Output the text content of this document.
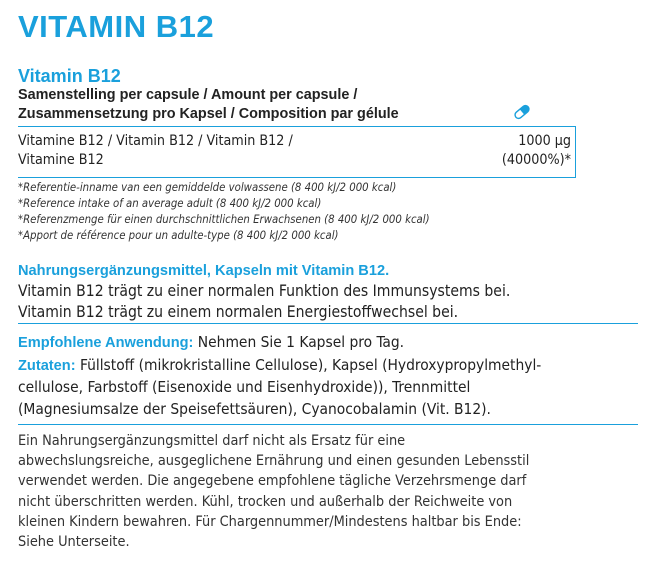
VITAMIN B12
Vitamin B12
Samenstelling per capsule / Amount per capsule /
Zusammensetzung pro Kapsel / Composition par gélule
Vitamine B12 / Vitamin B12 / Vitamin B12 /
Vitamine B12
1000 µg
(40000%)*
*Referentie-inname van een gemiddelde volwassene (8 400 kJ/2 000 kcal)
*Reference intake of an average adult (8 400 kJ/2 000 kcal)
*Referenzmenge für einen durchschnittlichen Erwachsenen (8 400 kJ/2 000 kcal)
*Apport de référence pour un adulte-type (8 400 kJ/2 000 kcal)
Nahrungsergänzungsmittel, Kapseln mit Vitamin B12.
Vitamin B12 trägt zu einer normalen Funktion des Immunsystems bei.
Vitamin B12 trägt zu einem normalen Energiestoffwechsel bei.
Empfohlene Anwendung: Nehmen Sie 1 Kapsel pro Tag.
Zutaten: Füllstoff (mikrokristalline Cellulose), Kapsel (Hydroxypropylmethyl-
cellulose, Farbstoff (Eisenoxide und Eisenhydroxide)), Trennmittel
(Magnesiumsalze der Speisefettsäuren), Cyanocobalamin (Vit. B12).
Ein Nahrungsergänzungsmittel darf nicht als Ersatz für eine
abwechslungsreiche, ausgeglichene Ernährung und einen gesunden Lebensstil
verwendet werden. Die angegebene empfohlene tägliche Verzehrsmenge darf
nicht überschritten werden. Kühl, trocken und außerhalb der Reichweite von
kleinen Kindern bewahren. Für Chargennummer/Mindestens haltbar bis Ende:
Siehe Unterseite.
